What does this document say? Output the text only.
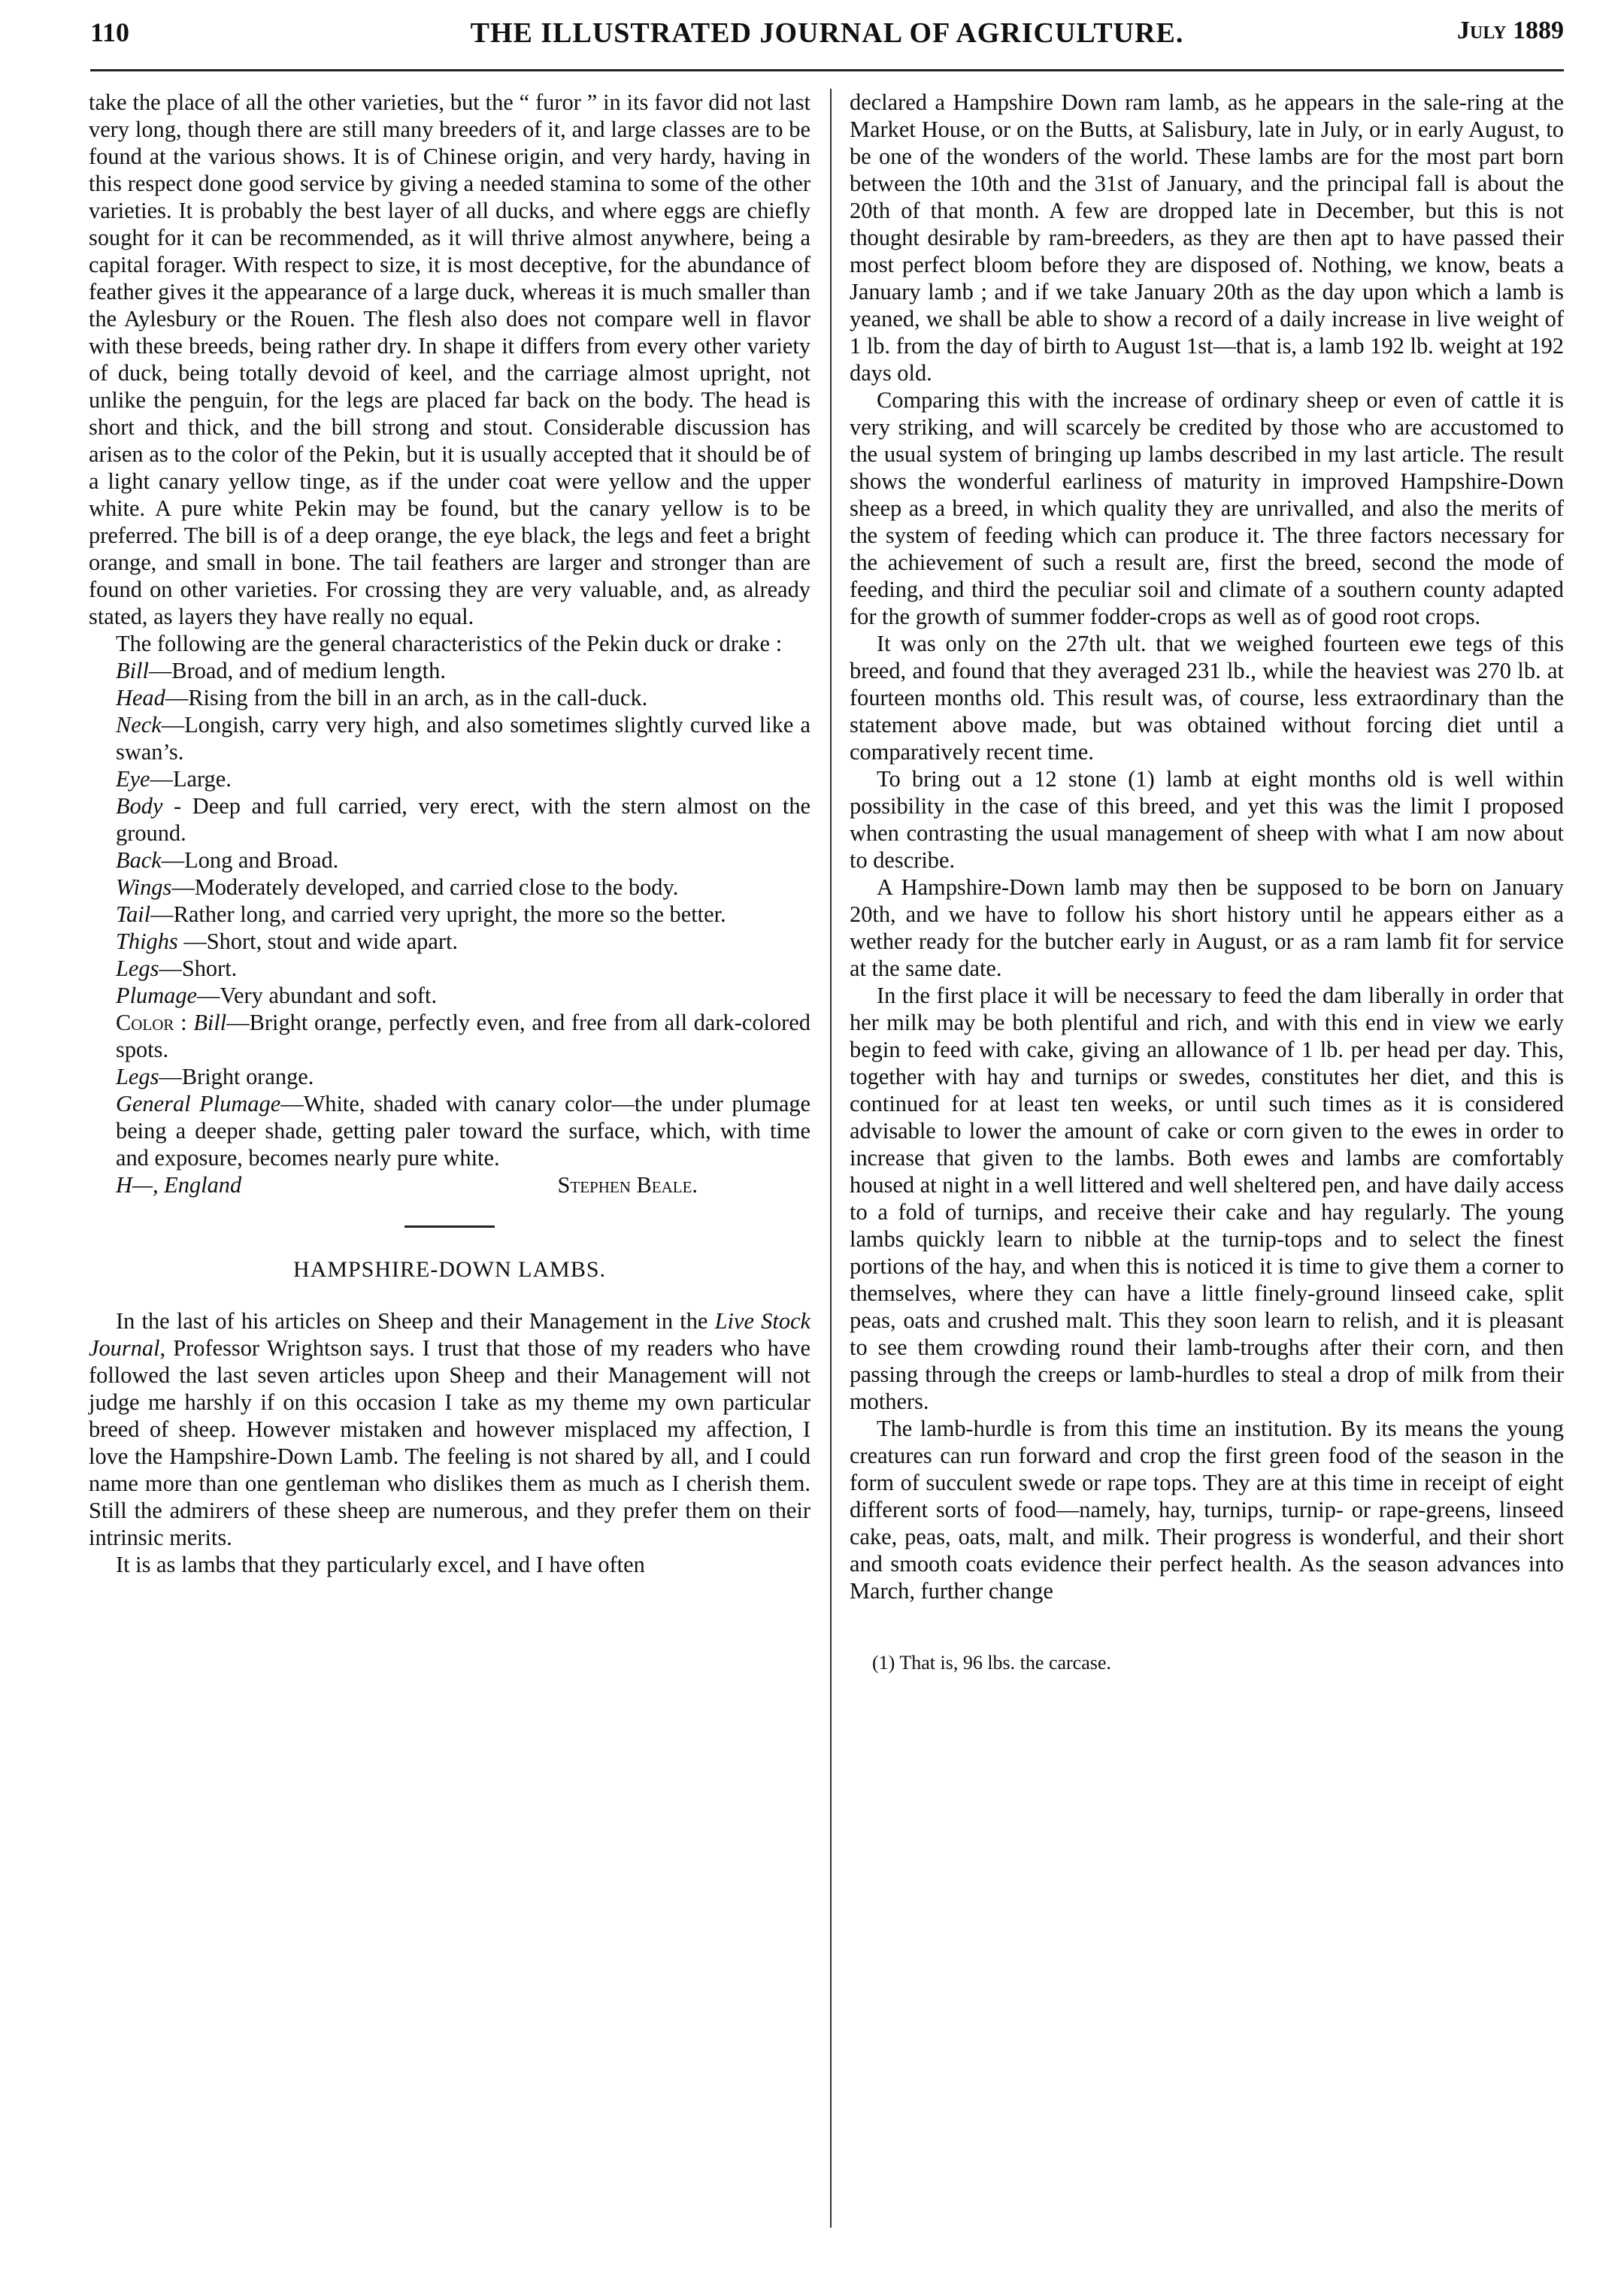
110	THE ILLUSTRATED JOURNAL OF AGRICULTURE.	July 1889

take the place of all the other varieties, but the “ furor ” in its favor did not last very long, though there are still many breeders of it, and large classes are to be found at the various shows. It is of Chinese origin, and very hardy, having in this respect done good service by giving a needed stamina to some of the other varieties. It is probably the best layer of all ducks, and where eggs are chiefly sought for it can be recommended, as it will thrive almost anywhere, being a capital forager. With respect to size, it is most deceptive, for the abundance of feather gives it the appearance of a large duck, whereas it is much smaller than the Aylesbury or the Rouen. The flesh also does not compare well in flavor with these breeds, being rather dry. In shape it differs from every other variety of duck, being totally devoid of keel, and the carriage almost upright, not unlike the penguin, for the legs are placed far back on the body. The head is short and thick, and the bill strong and stout. Considerable discussion has arisen as to the color of the Pekin, but it is usually accepted that it should be of a light canary yellow tinge, as if the under coat were yellow and the upper white. A pure white Pekin may be found, but the canary yellow is to be preferred. The bill is of a deep orange, the eye black, the legs and feet a bright orange, and small in bone. The tail feathers are larger and stronger than are found on other varieties. For crossing they are very valuable, and, as already stated, as layers they have really no equal.

The following are the general characteristics of the Pekin duck or drake :

Bill—Broad, and of medium length.

Head—Rising from the bill in an arch, as in the call-duck.

Neck—Longish, carry very high, and also sometimes slightly curved like a swan’s.

Eye—Large.

Body - Deep and full carried, very erect, with the stern almost on the ground.

Back—Long and Broad.

Wings—Moderately developed, and carried close to the body.

Tail—Rather long, and carried very upright, the more so the better.

Thighs —Short, stout and wide apart.

Legs—Short.

Plumage—Very abundant and soft.

Color : Bill—Bright orange, perfectly even, and free from all dark-colored spots.

Legs—Bright orange.

General Plumage—White, shaded with canary color—the under plumage being a deeper shade, getting paler toward the surface, which, with time and exposure, becomes nearly pure white.

H—, England	Stephen Beale.
HAMPSHIRE-DOWN LAMBS.

In the last of his articles on Sheep and their Management in the Live Stock Journal, Professor Wrightson says. I trust that those of my readers who have followed the last seven articles upon Sheep and their Management will not judge me harshly if on this occasion I take as my theme my own particular breed of sheep. However mistaken and however misplaced my affection, I love the Hampshire-Down Lamb. The feeling is not shared by all, and I could name more than one gentleman who dislikes them as much as I cherish them. Still the admirers of these sheep are numerous, and they prefer them on their intrinsic merits.

It is as lambs that they particularly excel, and I have often

declared a Hampshire Down ram lamb, as he appears in the sale-ring at the Market House, or on the Butts, at Salisbury, late in July, or in early August, to be one of the wonders of the world. These lambs are for the most part born between the 10th and the 31st of January, and the principal fall is about the 20th of that month. A few are dropped late in December, but this is not thought desirable by ram-breeders, as they are then apt to have passed their most perfect bloom before they are disposed of. Nothing, we know, beats a January lamb ; and if we take January 20th as the day upon which a lamb is yeaned, we shall be able to show a record of a daily increase in live weight of 1 lb. from the day of birth to August 1st—that is, a lamb 192 lb. weight at 192 days old.

Comparing this with the increase of ordinary sheep or even of cattle it is very striking, and will scarcely be credited by those who are accustomed to the usual system of bringing up lambs described in my last article. The result shows the wonderful earliness of maturity in improved Hampshire-Down sheep as a breed, in which quality they are unrivalled, and also the merits of the system of feeding which can produce it. The three factors necessary for the achievement of such a result are, first the breed, second the mode of feeding, and third the peculiar soil and climate of a southern county adapted for the growth of summer fodder-crops as well as of good root crops.

It was only on the 27th ult. that we weighed fourteen ewe tegs of this breed, and found that they averaged 231 lb., while the heaviest was 270 lb. at fourteen months old. This result was, of course, less extraordinary than the statement above made, but was obtained without forcing diet until a comparatively recent time.

To bring out a 12 stone (1) lamb at eight months old is well within possibility in the case of this breed, and yet this was the limit I proposed when contrasting the usual management of sheep with what I am now about to describe.

A Hampshire-Down lamb may then be supposed to be born on January 20th, and we have to follow his short history until he appears either as a wether ready for the butcher early in August, or as a ram lamb fit for service at the same date.

In the first place it will be necessary to feed the dam liberally in order that her milk may be both plentiful and rich, and with this end in view we early begin to feed with cake, giving an allowance of 1 lb. per head per day. This, together with hay and turnips or swedes, constitutes her diet, and this is continued for at least ten weeks, or until such times as it is considered advisable to lower the amount of cake or corn given to the ewes in order to increase that given to the lambs. Both ewes and lambs are comfortably housed at night in a well littered and well sheltered pen, and have daily access to a fold of turnips, and receive their cake and hay regularly. The young lambs quickly learn to nibble at the turnip-tops and to select the finest portions of the hay, and when this is noticed it is time to give them a corner to themselves, where they can have a little finely-ground linseed cake, split peas, oats and crushed malt. This they soon learn to relish, and it is pleasant to see them crowding round their lamb-troughs after their corn, and then passing through the creeps or lamb-hurdles to steal a drop of milk from their mothers.

The lamb-hurdle is from this time an institution. By its means the young creatures can run forward and crop the first green food of the season in the form of succulent swede or rape tops. They are at this time in receipt of eight different sorts of food—namely, hay, turnips, turnip- or rape-greens, linseed cake, peas, oats, malt, and milk. Their progress is wonderful, and their short and smooth coats evidence their perfect health. As the season advances into March, further change

(1) That is, 96 lbs. the carcase.
